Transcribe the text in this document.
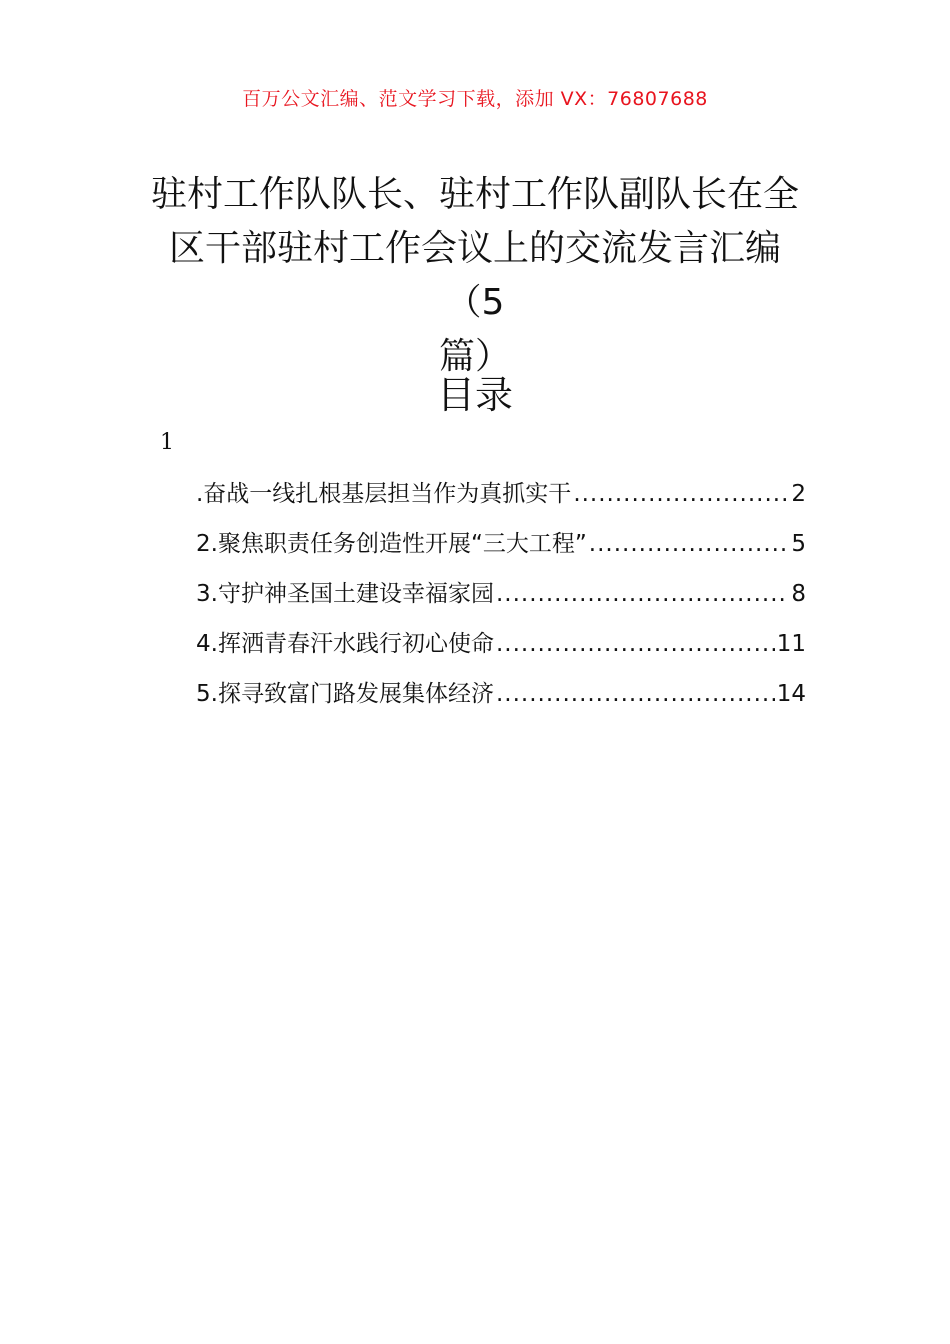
百万公文汇编、范文学习下载，添加 VX：76807688
驻村工作队队长、驻村工作队副队长在全
区干部驻村工作会议上的交流发言汇编（5
篇）
目录
1
.奋战一线扎根基层担当作为真抓实干 .....	2
2.聚焦职责任务创造性开展“三大工程” .....	5
3.守护神圣国土建设幸福家园 .....	8
4.挥洒青春汗水践行初心使命 .....	11
5.探寻致富门路发展集体经济 .....	14
